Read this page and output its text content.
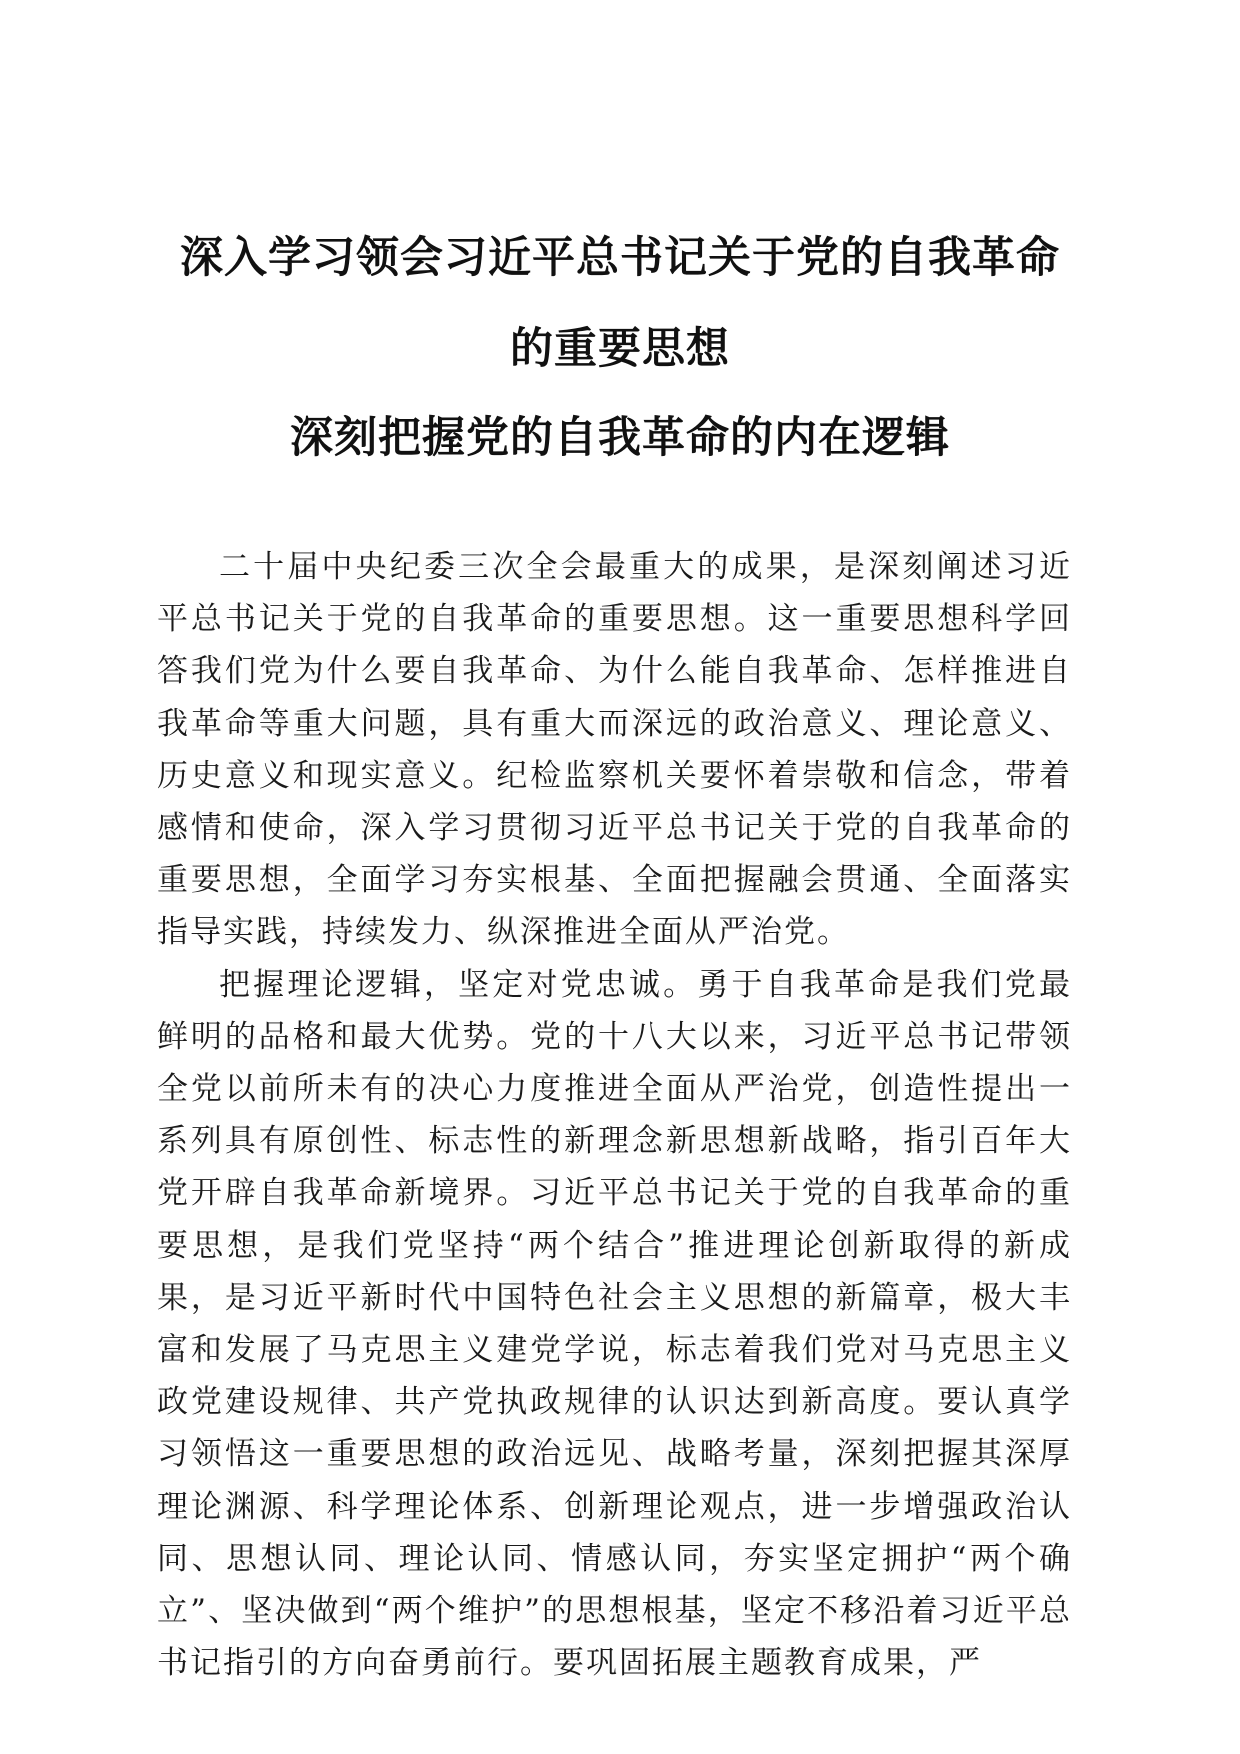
深入学习领会习近平总书记关于党的自我革命
的重要思想
深刻把握党的自我革命的内在逻辑

二十届中央纪委三次全会最重大的成果，是深刻阐述习近平总书记关于党的自我革命的重要思想。这一重要思想科学回答我们党为什么要自我革命、为什么能自我革命、怎样推进自我革命等重大问题，具有重大而深远的政治意义、理论意义、历史意义和现实意义。纪检监察机关要怀着崇敬和信念，带着感情和使命，深入学习贯彻习近平总书记关于党的自我革命的重要思想，全面学习夯实根基、全面把握融会贯通、全面落实指导实践，持续发力、纵深推进全面从严治党。

把握理论逻辑，坚定对党忠诚。勇于自我革命是我们党最鲜明的品格和最大优势。党的十八大以来，习近平总书记带领全党以前所未有的决心力度推进全面从严治党，创造性提出一系列具有原创性、标志性的新理念新思想新战略，指引百年大党开辟自我革命新境界。习近平总书记关于党的自我革命的重要思想，是我们党坚持“两个结合”推进理论创新取得的新成果，是习近平新时代中国特色社会主义思想的新篇章，极大丰富和发展了马克思主义建党学说，标志着我们党对马克思主义政党建设规律、共产党执政规律的认识达到新高度。要认真学习领悟这一重要思想的政治远见、战略考量，深刻把握其深厚理论渊源、科学理论体系、创新理论观点，进一步增强政治认同、思想认同、理论认同、情感认同，夯实坚定拥护“两个确立”、坚决做到“两个维护”的思想根基，坚定不移沿着习近平总书记指引的方向奋勇前行。要巩固拓展主题教育成果，严
